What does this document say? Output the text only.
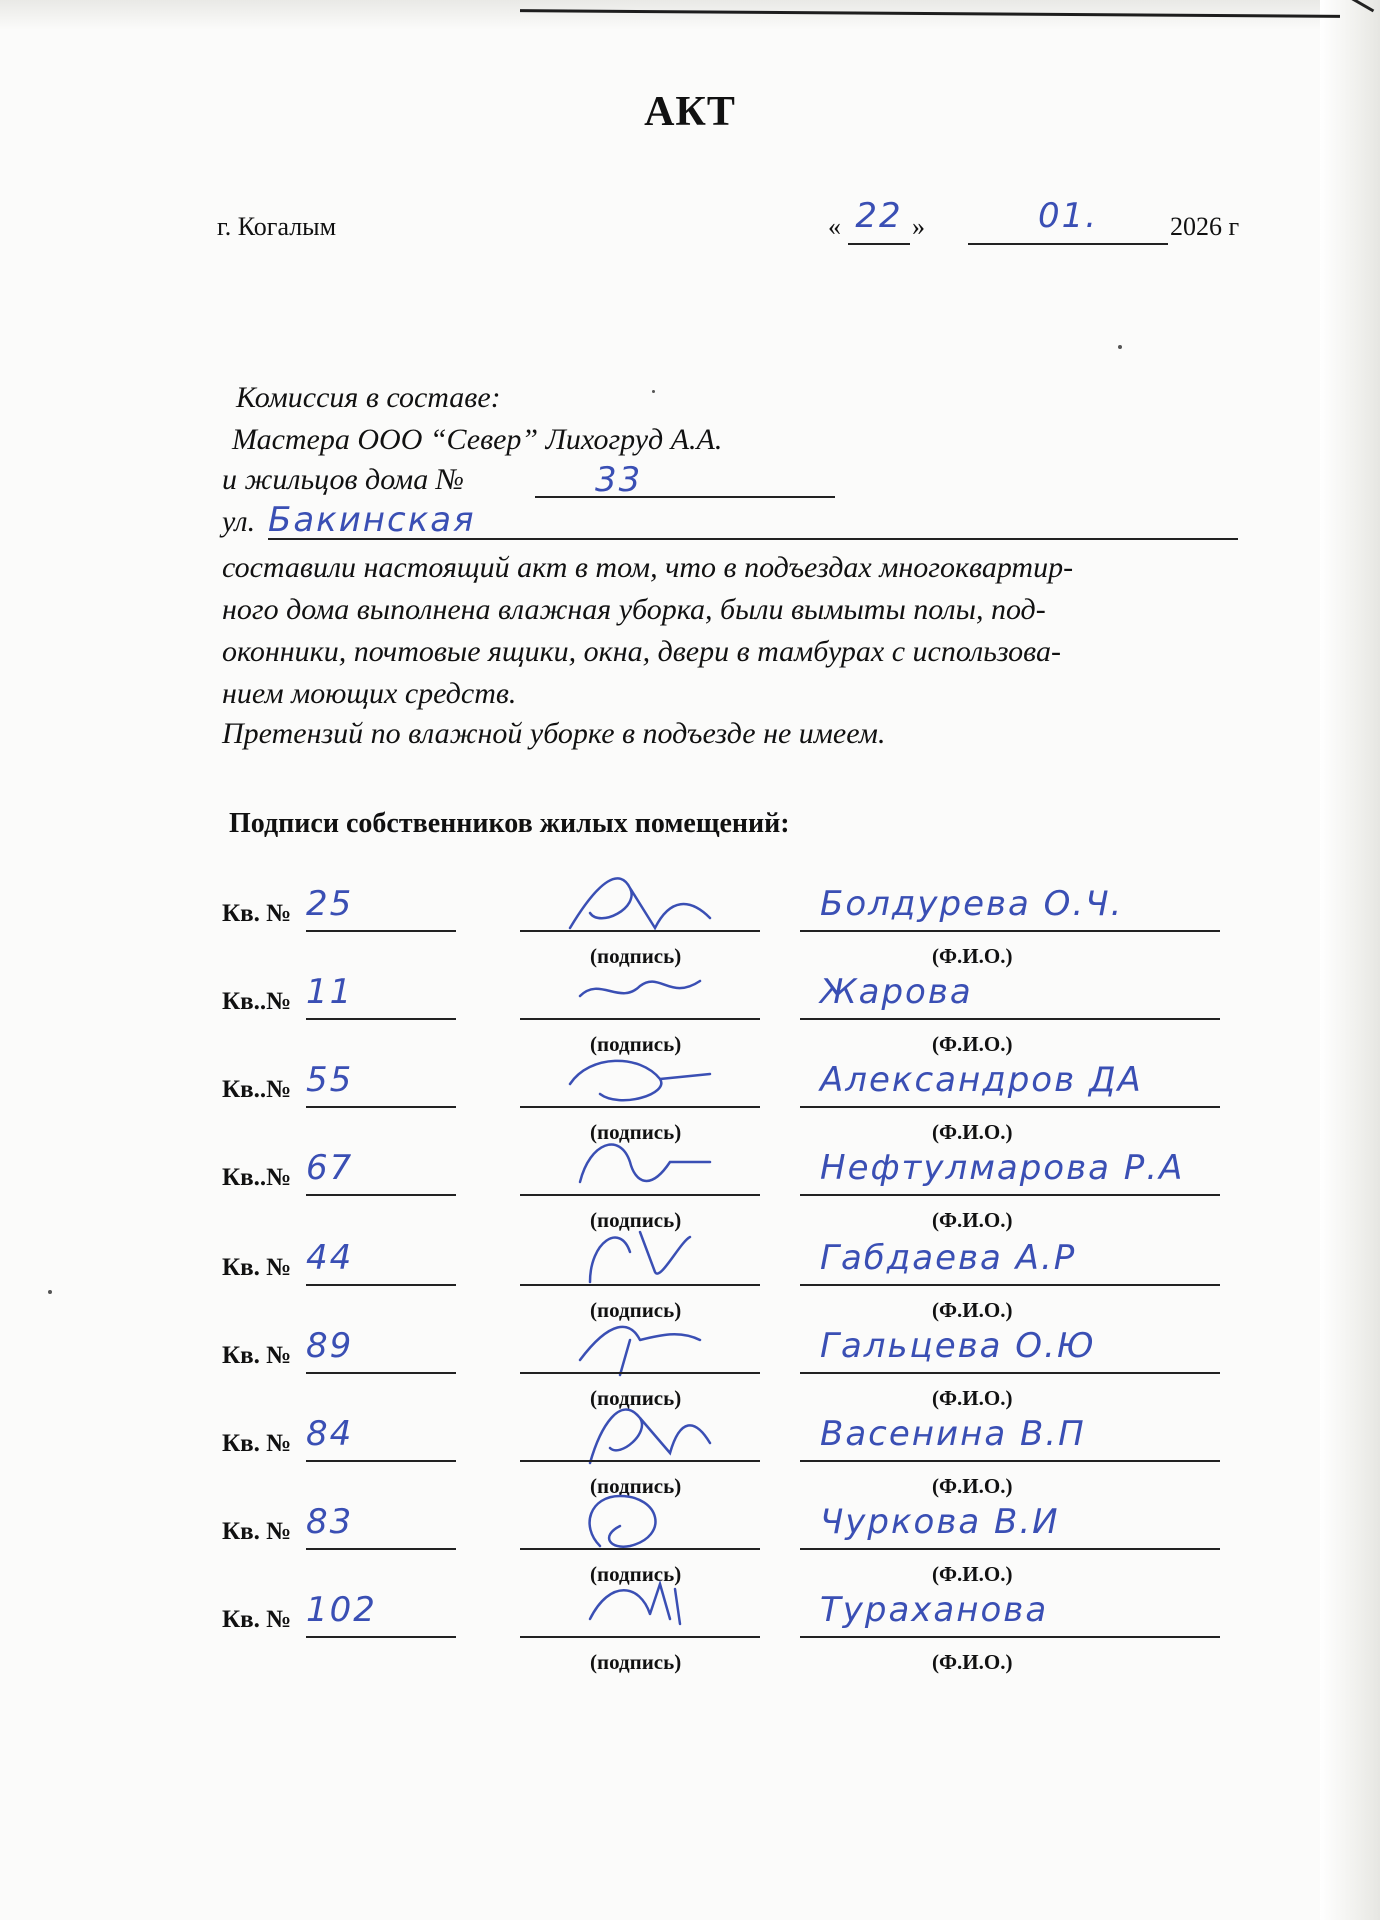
АКТ
г. Когалым	« 22 »	01.	2026 г
Комиссия в составе:
Мастера ООО “Север” Лихогруд А.А.
и жильцов дома №	33
ул. Бакинская
составили настоящий акт в том, что в подъездах многоквартир-
ного дома выполнена влажная уборка, были вымыты полы, под-
оконники, почтовые ящики, окна, двери в тамбурах с использова-
нием моющих средств.
Претензий по влажной уборке в подъезде не имеем.
Подписи собственников жилых помещений:
Кв. № 25	Болдурева О.Ч.
(подпись)	(Ф.И.О.)
Кв..№ 11	Жарова
(подпись)	(Ф.И.О.)
Кв..№ 55	Александров ДА
(подпись)	(Ф.И.О.)
Кв..№ 67	Нефтулмарова Р.А
(подпись)	(Ф.И.О.)
Кв. № 44	Габдаева А.Р
(подпись)	(Ф.И.О.)
Кв. № 89	Гальцева О.Ю
(подпись)	(Ф.И.О.)
Кв. № 84	Васенина В.П
(подпись)	(Ф.И.О.)
Кв. № 83	Чуркова В.И
(подпись)	(Ф.И.О.)
Кв. № 102	Тураханова
(подпись)	(Ф.И.О.)
